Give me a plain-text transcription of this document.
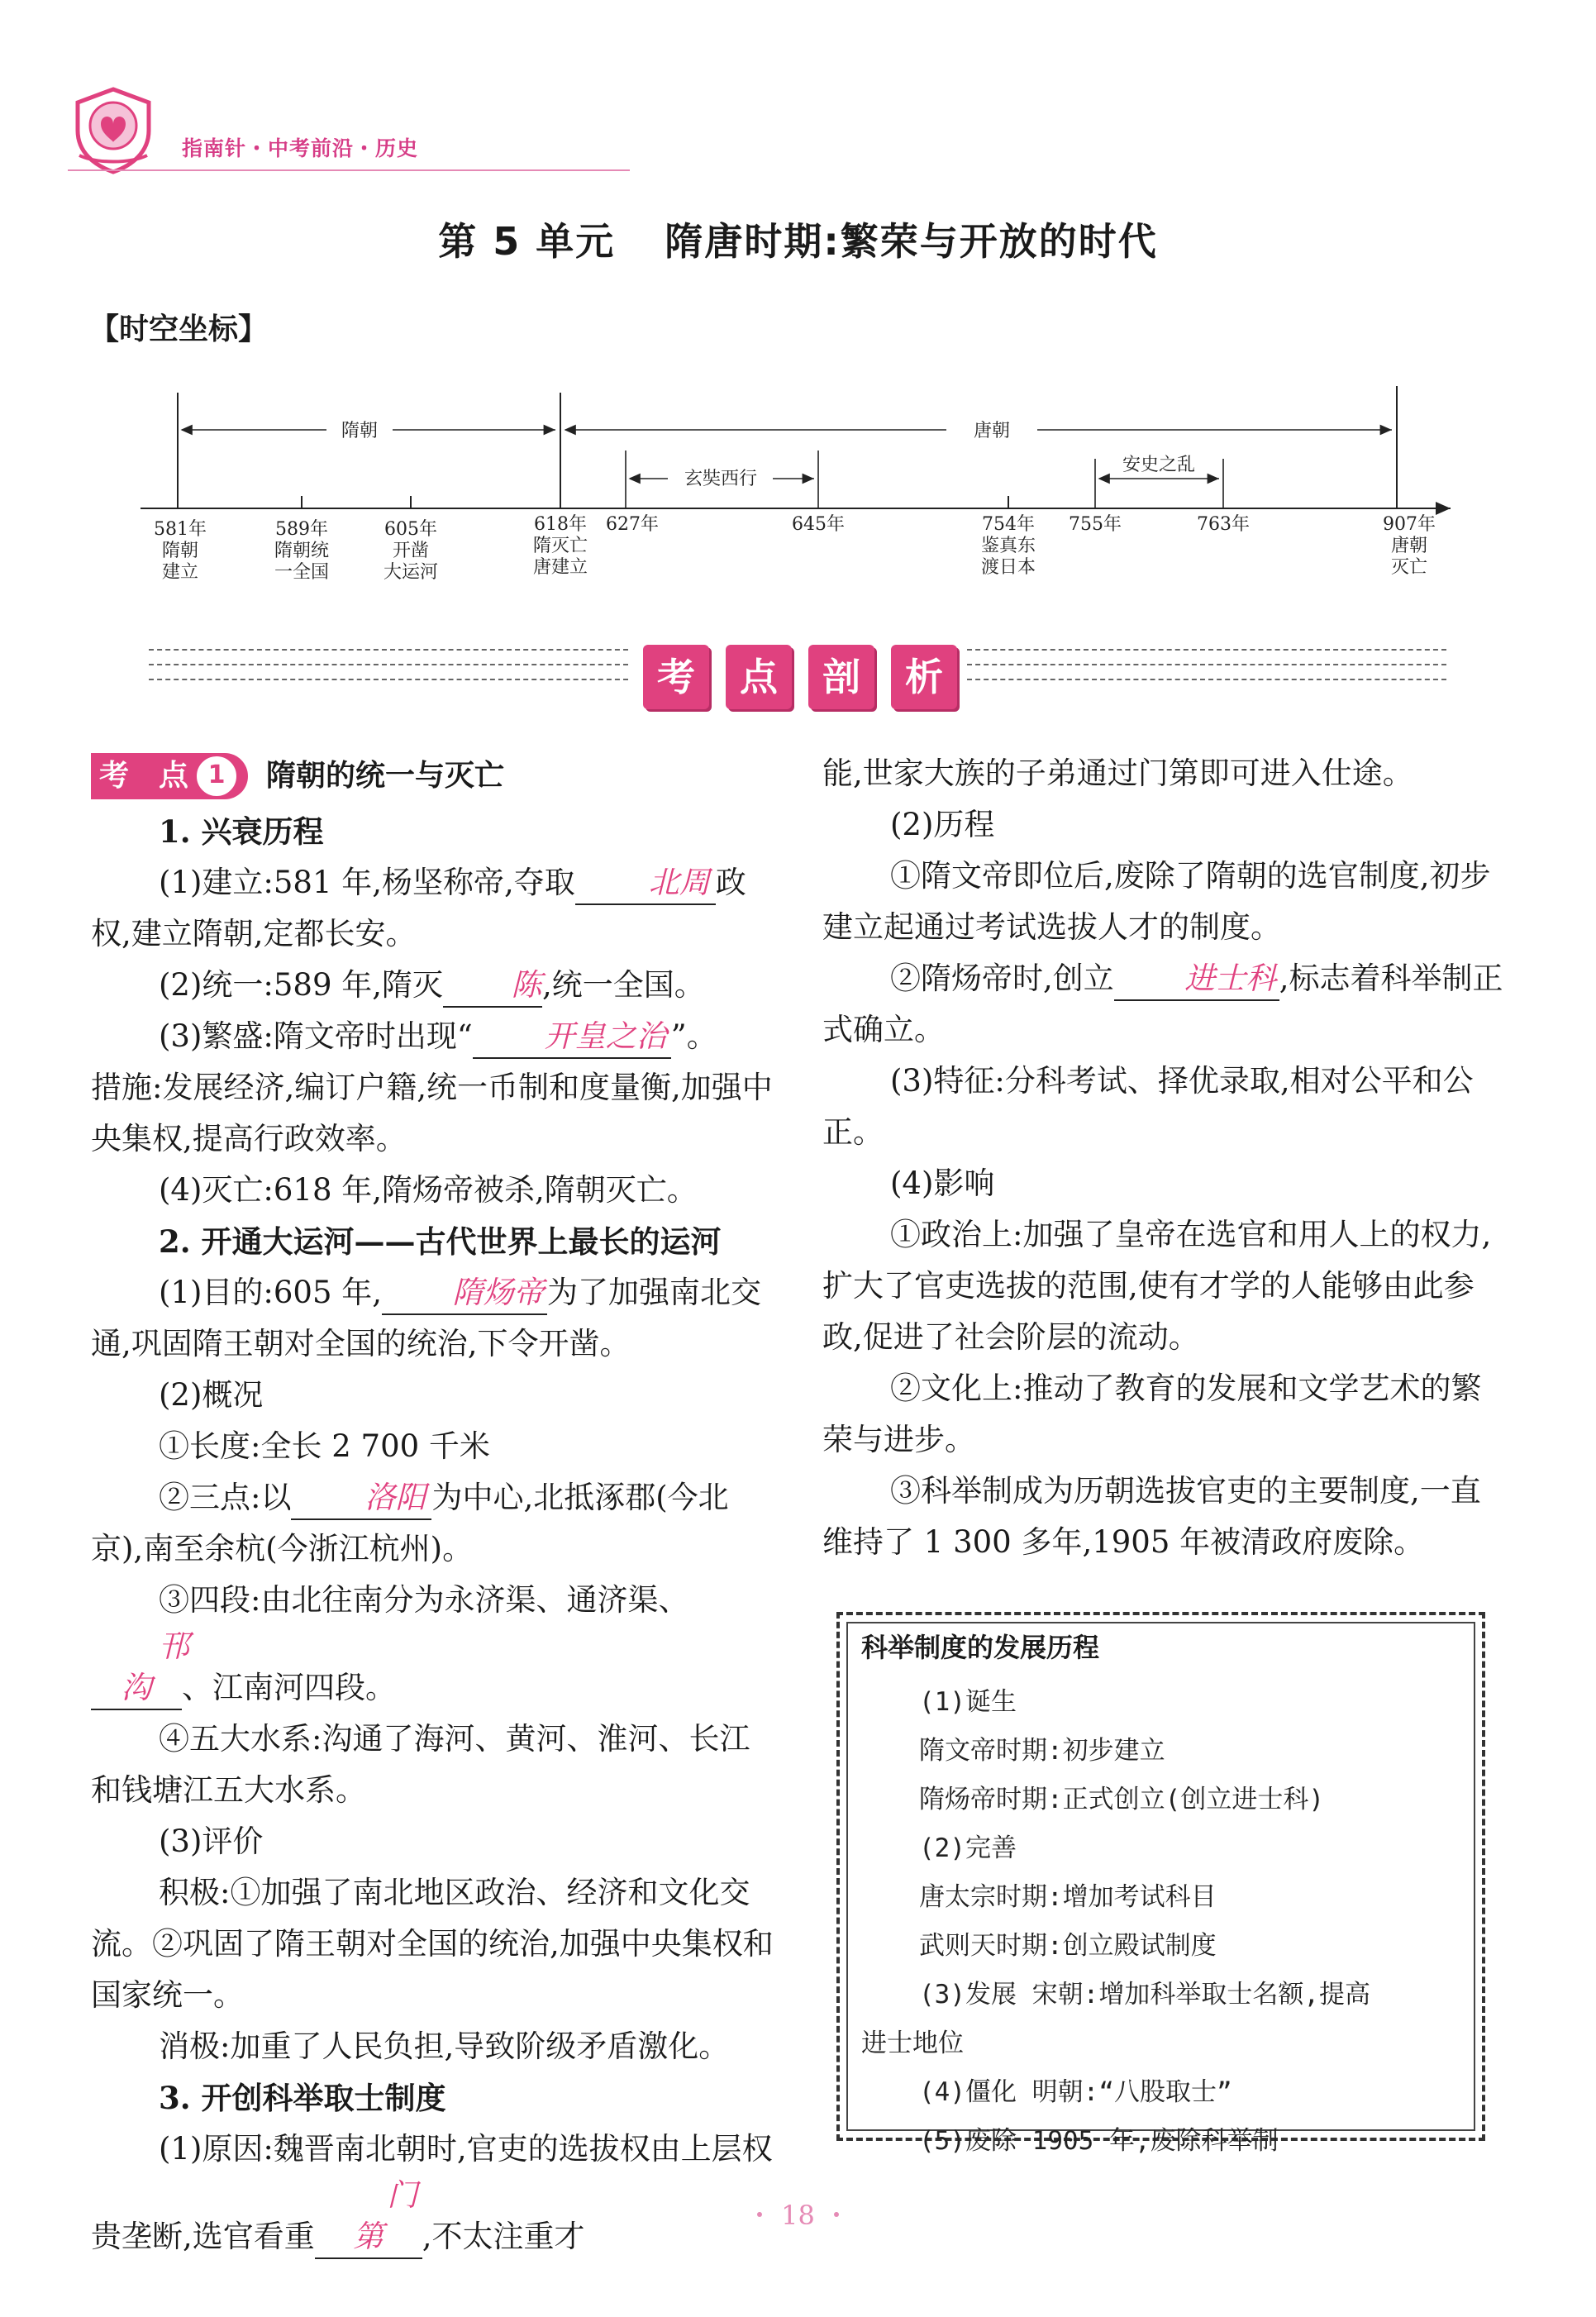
指南针・中考前沿・历史
第 5 单元 隋唐时期:繁荣与开放的时代
【时空坐标】
隋朝	唐朝
玄奘西行
安史之乱
581年
隋朝
建立
589年
隋朝统
一全国
605年
开凿
大运河
618年
隋灭亡
唐建立
627年	645年	754年
鉴真东
渡日本
755年	763年	907年
唐朝
灭亡
考	点	剖	析
考　点 1	隋朝的统一与灭亡

1. 兴衰历程

(1)建立:581 年,杨坚称帝,夺取 北周 政权,建立隋朝,定都长安。

(2)统一:589 年,隋灭 陈,统一全国。

(3)繁盛:隋文帝时出现“ 开皇之治 ”。

措施:发展经济,编订户籍,统一币制和度量衡,加强中央集权,提高行政效率。

(4)灭亡:618 年,隋炀帝被杀,隋朝灭亡。

2. 开通大运河——古代世界上最长的运河

(1)目的:605 年, 隋炀帝为了加强南北交通,巩固隋王朝对全国的统治,下令开凿。

(2)概况

①长度:全长 2 700 千米

②三点:以 洛阳 为中心,北抵涿郡(今北京),南至余杭(今浙江杭州)。

③四段:由北往南分为永济渠、通济渠、邗沟 、江南河四段。

④五大水系:沟通了海河、黄河、淮河、长江和钱塘江五大水系。

(3)评价

积极:①加强了南北地区政治、经济和文化交流。②巩固了隋王朝对全国的统治,加强中央集权和国家统一。

消极:加重了人民负担,导致阶级矛盾激化。

3. 开创科举取士制度

(1)原因:魏晋南北朝时,官吏的选拔权由上层权贵垄断,选官看重门第 ,不太注重才

能,世家大族的子弟通过门第即可进入仕途。

(2)历程

①隋文帝即位后,废除了隋朝的选官制度,初步建立起通过考试选拔人才的制度。

②隋炀帝时,创立 进士科,标志着科举制正式确立。

(3)特征:分科考试、择优录取,相对公平和公正。

(4)影响

①政治上:加强了皇帝在选官和用人上的权力,扩大了官吏选拔的范围,使有才学的人能够由此参政,促进了社会阶层的流动。

②文化上:推动了教育的发展和文学艺术的繁荣与进步。

③科举制成为历朝选拔官吏的主要制度,一直维持了 1 300 多年,1905 年被清政府废除。

科举制度的发展历程

(1)诞生

隋文帝时期:初步建立

隋炀帝时期:正式创立(创立进士科)

(2)完善

唐太宗时期:增加考试科目

武则天时期:创立殿试制度

(3)发展 宋朝:增加科举取士名额,提高

进士地位

(4)僵化 明朝:“八股取士”

(5)废除 1905 年,废除科举制

・ 18 ・
